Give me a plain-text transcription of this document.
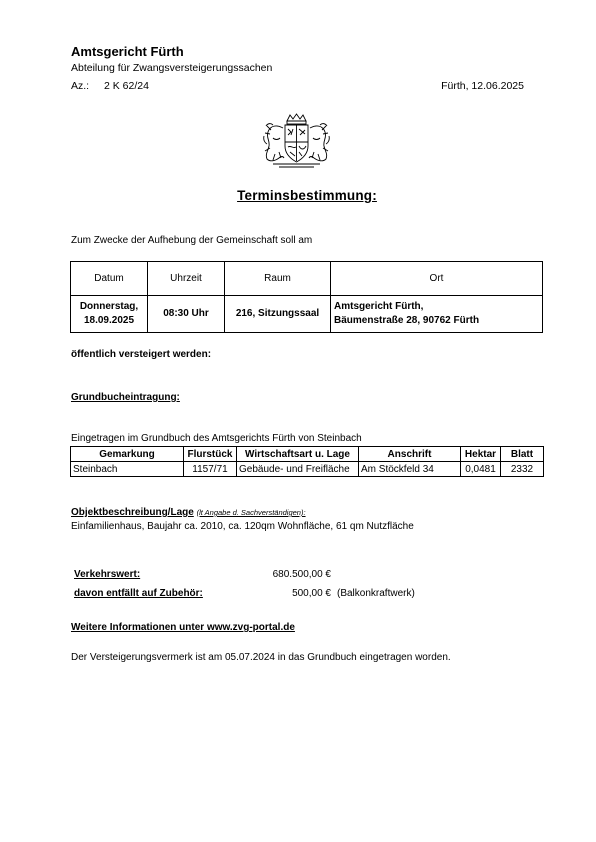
Amtsgericht Fürth
Abteilung für Zwangsversteigerungssachen
Az.: 2 K 62/24	Fürth, 12.06.2025
Terminsbestimmung:
Zum Zwecke der Aufhebung der Gemeinschaft soll am
Datum	Uhrzeit	Raum	Ort
Donnerstag,
18.09.2025	08:30 Uhr	216, Sitzungssaal	Amtsgericht Fürth,
Bäumenstraße 28, 90762 Fürth
öffentlich versteigert werden:
Grundbucheintragung:
Eingetragen im Grundbuch des Amtsgerichts Fürth von Steinbach
Gemarkung	Flurstück	Wirtschaftsart u. Lage	Anschrift	Hektar	Blatt
Steinbach	1157/71	Gebäude- und Freifläche	Am Stöckfeld 34	0,0481	2332
Objektbeschreibung/Lage (lt Angabe d. Sachverständigen):
Einfamilienhaus, Baujahr ca. 2010, ca. 120qm Wohnfläche, 61 qm Nutzfläche
Verkehrswert:	680.500,00 €
davon entfällt auf Zubehör:	500,00 € (Balkonkraftwerk)
Weitere Informationen unter www.zvg-portal.de
Der Versteigerungsvermerk ist am 05.07.2024 in das Grundbuch eingetragen worden.
